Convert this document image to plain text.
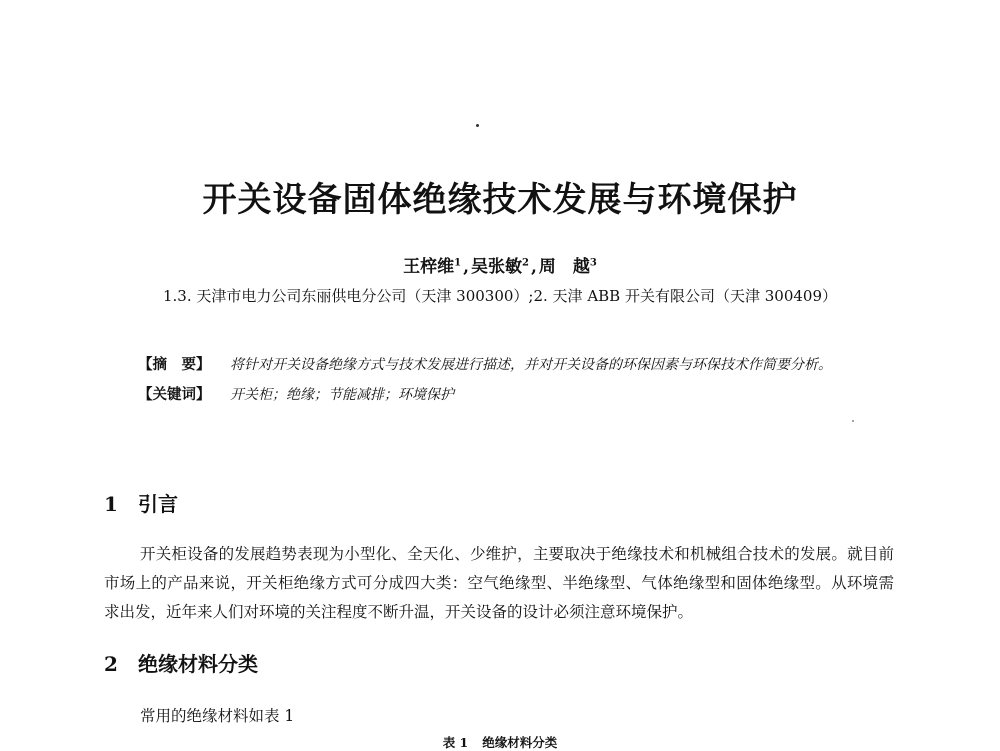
开关设备固体绝缘技术发展与环境保护
王梓维$^1$ , 吴张敏$^2$ , 周　越$^3$
1.3. 天津市电力公司东丽供电分公司（天津 300300）;2. 天津 ABB 开关有限公司（天津 300409）
【摘　要】	将针对开关设备绝缘方式与技术发展进行描述，并对开关设备的环保因素与环保技术作简要分析。
【关键词】	开关柜；绝缘；节能减排；环境保护
1 引言
开关柜设备的发展趋势表现为小型化、全天化、少维护，主要取决于绝缘技术和机械组合技术的发展。就目前市场上的产品来说，开关柜绝缘方式可分成四大类：空气绝缘型、半绝缘型、气体绝缘型和固体绝缘型。从环境需求出发，近年来人们对环境的关注程度不断升温，开关设备的设计必须注意环境保护。
2 绝缘材料分类
常用的绝缘材料如表 1
表 1 绝缘材料分类
